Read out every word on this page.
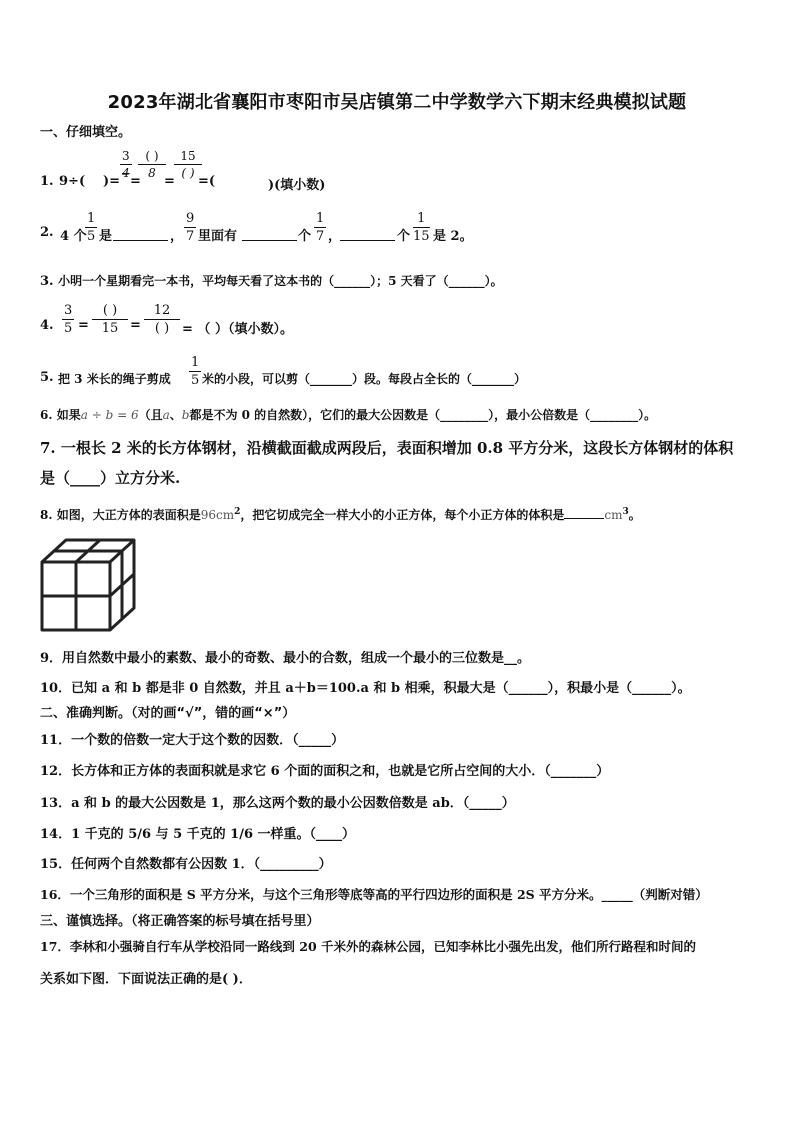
2023年湖北省襄阳市枣阳市吴店镇第二中学数学六下期末经典模拟试题
一、仔细填空。
1. 9÷( )=
$\frac{3}{4}$
=
( )
8
=
15
( )
=(	)(填小数)
2. 4 个
$\frac{1}{5}$ 是	， $\frac{9}{7}$ 里面有	个 $\frac{1}{7}$ ，	个 $\frac{1}{15}$ 是 2。
3. 小明一个星期看完一本书，平均每天看了这本书的（______）；5 天看了（______）。
4. $\frac{3}{5}$ =
( )
15 =
12
( ) = （ ）（填小数）。
5. 把 3 米长的绳子剪成 $\frac{1}{5}$ 米的小段，可以剪（_______）段。每段占全长的（_______）
6. 如果a ÷ b = 6（且a、b都是不为 0 的自然数），它们的最大公因数是（________），最小公倍数是（________）。
7. 一根长 2 米的长方体钢材，沿横截面截成两段后，表面积增加 0.8 平方分米，这段长方体钢材的体积
是（____）立方分米.
8. 如图，大正方体的表面积是$96cm^2$，把它切成完全一样大小的小正方体，每个小正方体的体积是	$cm^3$。
9．用自然数中最小的素数、最小的奇数、最小的合数，组成一个最小的三位数是__。
10．已知 a 和 b 都是非 0 自然数，并且 a＋b＝100.a 和 b 相乘，积最大是（______），积最小是（______）。
二、准确判断。（对的画“√”，错的画“×”）
11．一个数的倍数一定大于这个数的因数．（_____）
12．长方体和正方体的表面积就是求它 6 个面的面积之和，也就是它所占空间的大小．（_______）
13．a 和 b 的最大公因数是 1，那么这两个数的最小公因数倍数是 ab．（_____）
14．1 千克的 5/6 与 5 千克的 1/6 一样重。（____）
15．任何两个自然数都有公因数 1．（_________）
16．一个三角形的面积是 S 平方分米，与这个三角形等底等高的平行四边形的面积是 2S 平方分米。_____（判断对错）
三、谨慎选择。（将正确答案的标号填在括号里）
17．李林和小强骑自行车从学校沿同一路线到 20 千米外的森林公园，已知李林比小强先出发，他们所行路程和时间的
关系如下图．下面说法正确的是( )．
